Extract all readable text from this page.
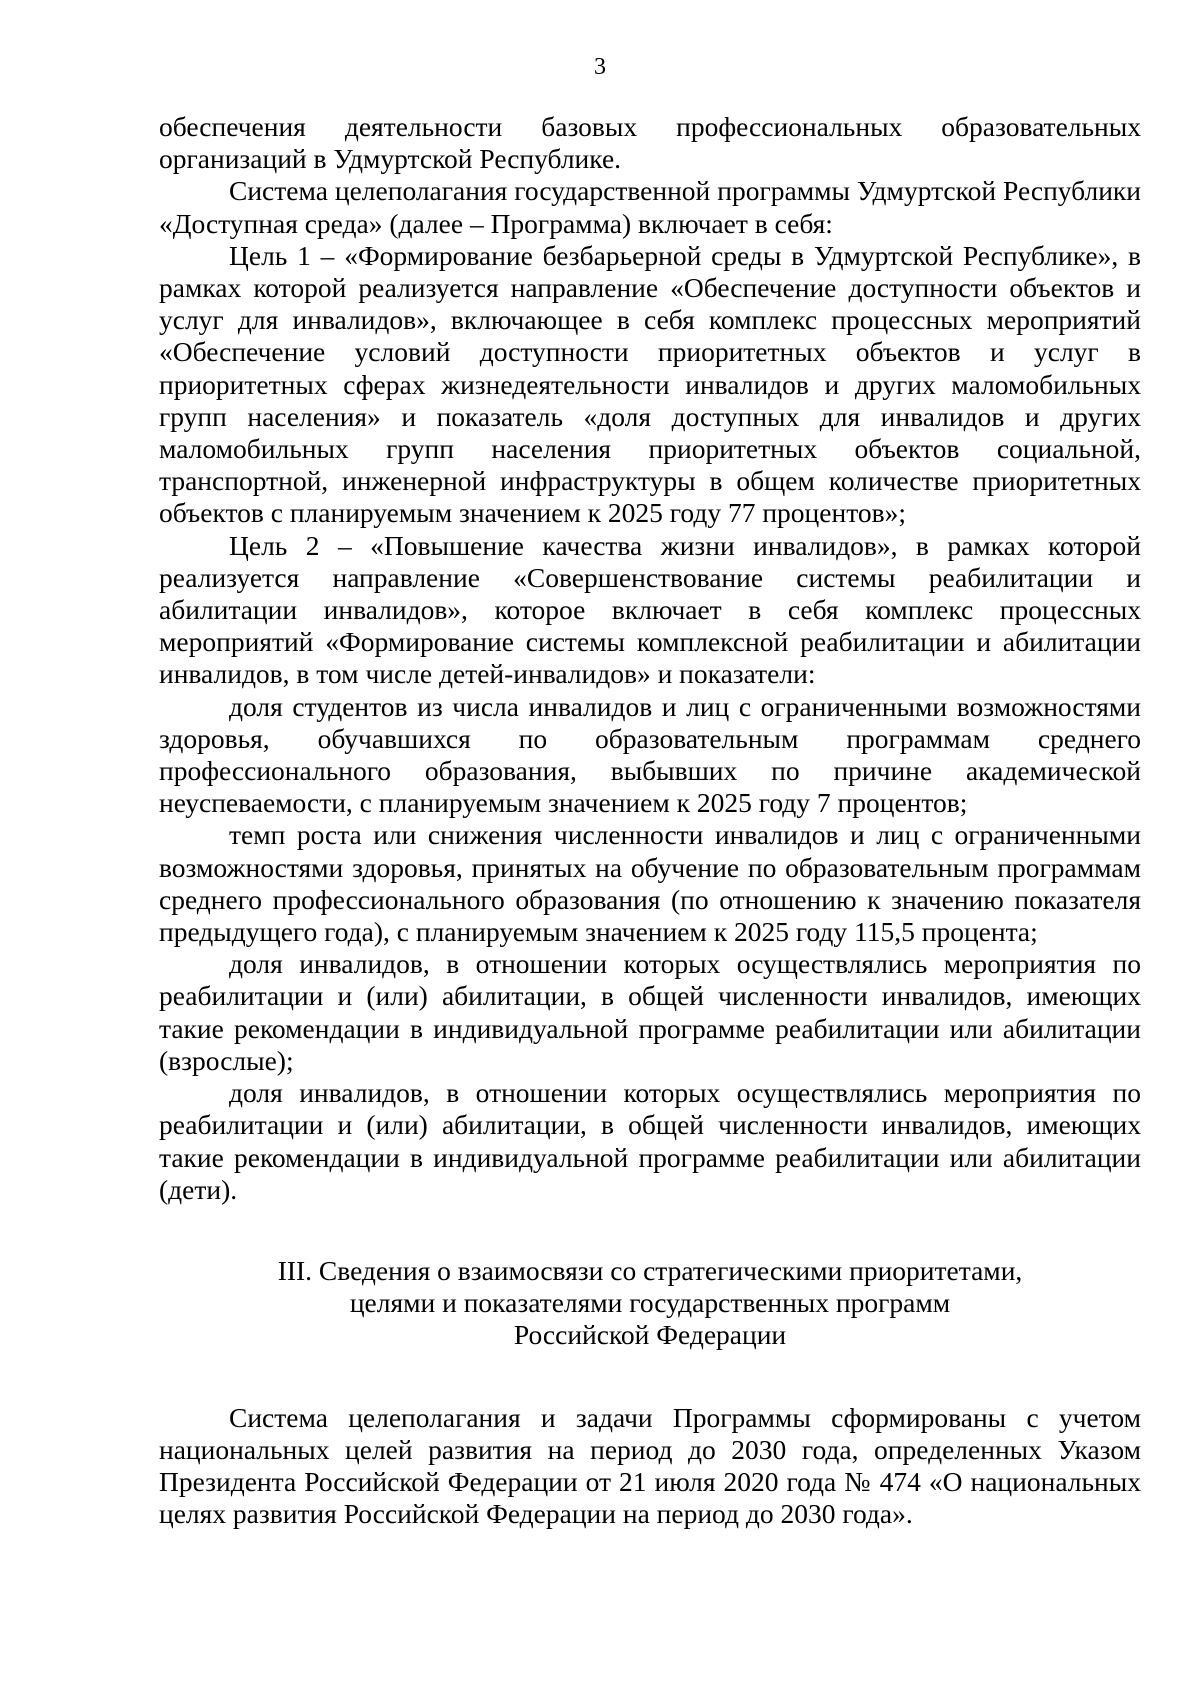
3

обеспечения деятельности базовых профессиональных образовательных организаций в Удмуртской Республике.

Система целеполагания государственной программы Удмуртской Республики «Доступная среда» (далее – Программа) включает в себя:

Цель 1 – «Формирование безбарьерной среды в Удмуртской Республике», в рамках которой реализуется направление «Обеспечение доступности объектов и услуг для инвалидов», включающее в себя комплекс процессных мероприятий «Обеспечение условий доступности приоритетных объектов и услуг в приоритетных сферах жизнедеятельности инвалидов и других маломобильных групп населения» и показатель «доля доступных для инвалидов и других маломобильных групп населения приоритетных объектов социальной, транспортной, инженерной инфраструктуры в общем количестве приоритетных объектов с планируемым значением к 2025 году 77 процентов»;

Цель 2 – «Повышение качества жизни инвалидов», в рамках которой реализуется направление «Совершенствование системы реабилитации и абилитации инвалидов», которое включает в себя комплекс процессных мероприятий «Формирование системы комплексной реабилитации и абилитации инвалидов, в том числе детей-инвалидов» и показатели:

доля студентов из числа инвалидов и лиц с ограниченными возможностями здоровья, обучавшихся по образовательным программам среднего профессионального образования, выбывших по причине академической неуспеваемости, с планируемым значением к 2025 году 7 процентов;

темп роста или снижения численности инвалидов и лиц с ограниченными возможностями здоровья, принятых на обучение по образовательным программам среднего профессионального образования (по отношению к значению показателя предыдущего года), с планируемым значением к 2025 году 115,5 процента;

доля инвалидов, в отношении которых осуществлялись мероприятия по реабилитации и (или) абилитации, в общей численности инвалидов, имеющих такие рекомендации в индивидуальной программе реабилитации или абилитации (взрослые);

доля инвалидов, в отношении которых осуществлялись мероприятия по реабилитации и (или) абилитации, в общей численности инвалидов, имеющих такие рекомендации в индивидуальной программе реабилитации или абилитации (дети).

III. Сведения о взаимосвязи со стратегическими приоритетами,
целями и показателями государственных программ
Российской Федерации

Система целеполагания и задачи Программы сформированы с учетом национальных целей развития на период до 2030 года, определенных Указом Президента Российской Федерации от 21 июля 2020 года № 474 «О национальных целях развития Российской Федерации на период до 2030 года».
